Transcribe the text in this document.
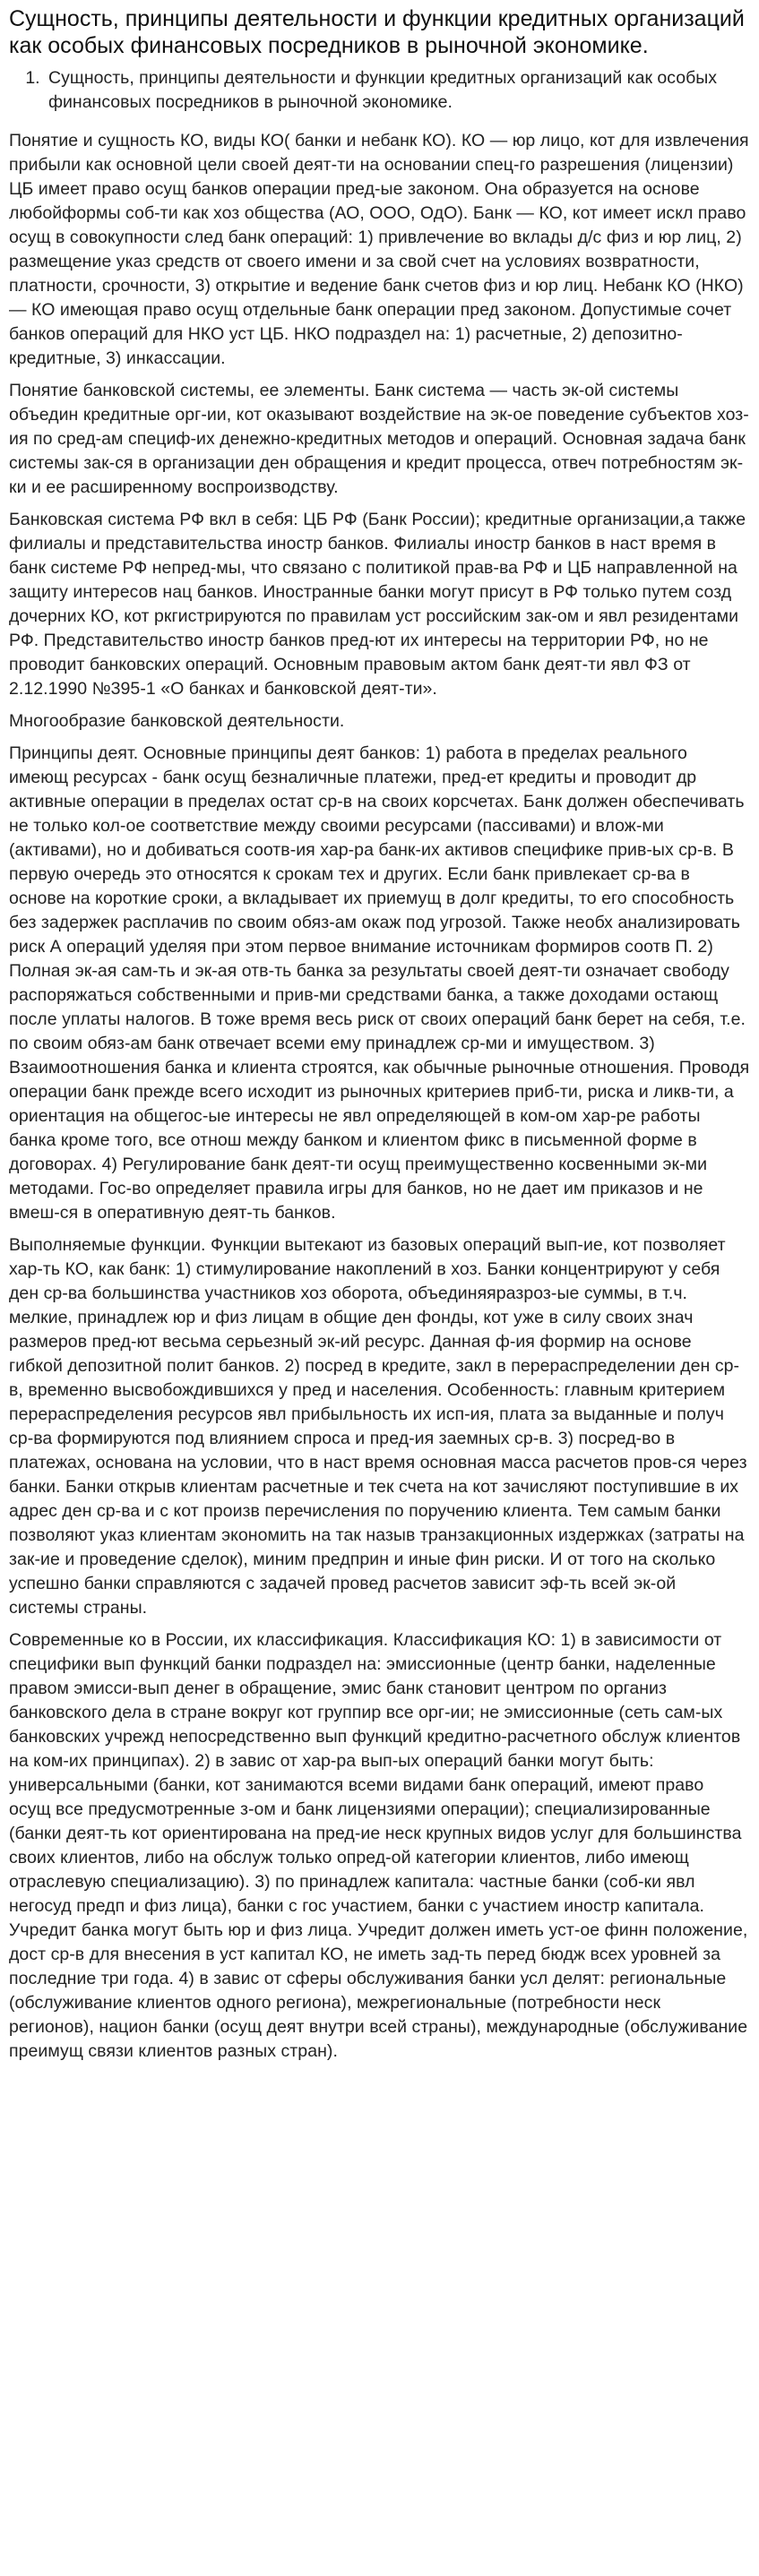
Сущность, принципы деятельности и функции кредитных организаций как особых финансовых посредников в рыночной экономике.
1. Сущность, принципы деятельности и функции кредитных организаций как особых финансовых посредников в рыночной экономике.

Понятие и сущность КО, виды КО( банки и небанк КО). КО — юр лицо, кот для извлечения прибыли как основной цели своей деят-ти на основании спец-го разрешения (лицензии) ЦБ имеет право осущ банков операции пред-ые законом. Она образуется на основе любойформы соб-ти как хоз общества (АО, ООО, ОдО). Банк — КО, кот имеет искл право осущ в совокупности след банк операций: 1) привлечение во вклады д/с физ и юр лиц, 2) размещение указ средств от своего имени и за свой счет на условиях возвратности, платности, срочности, 3) открытие и ведение банк счетов физ и юр лиц. Небанк КО (НКО) — КО имеющая право осущ отдельные банк операции пред законом. Допустимые сочет банков операций для НКО уст ЦБ. НКО подраздел на: 1) расчетные, 2) депозитно-кредитные, 3) инкассации.

Понятие банковской системы, ее элементы. Банк система — часть эк-ой системы объедин кредитные орг-ии, кот оказывают воздействие на эк-ое поведение субъектов хоз-ия по сред-ам специф-их денежно-кредитных методов и операций. Основная задача банк системы зак-ся в организации ден обращения и кредит процесса, отвеч потребностям эк-ки и ее расширенному воспроизводству.

Банковская система РФ вкл в себя: ЦБ РФ (Банк России); кредитные организации,а также филиалы и представительства иностр банков. Филиалы иностр банков в наст время в банк системе РФ непред-мы, что связано с политикой прав-ва РФ и ЦБ направленной на защиту интересов нац банков. Иностранные банки могут присут в РФ только путем созд дочерних КО, кот ркгистрируются по правилам уст российским зак-ом и явл резидентами РФ. Представительство иностр банков пред-ют их интересы на территории РФ, но не проводит банковских операций. Основным правовым актом банк деят-ти явл ФЗ от 2.12.1990 №395-1 «О банках и банковской деят-ти».

Многообразие банковской деятельности.

Принципы деят. Основные принципы деят банков: 1) работа в пределах реального имеющ ресурсах - банк осущ безналичные платежи, пред-ет кредиты и проводит др активные операции в пределах остат ср-в на своих корсчетах. Банк должен обеспечивать не только кол-ое соответствие между своими ресурсами (пассивами) и влож-ми (активами), но и добиваться соотв-ия хар-ра банк-их активов специфике прив-ых ср-в. В первую очередь это относятся к срокам тех и других. Если банк привлекает ср-ва в основе на короткие сроки, а вкладывает их приемущ в долг кредиты, то его способность без задержек расплачив по своим обяз-ам окаж под угрозой. Также необх анализировать риск А операций уделяя при этом первое внимание источникам формиров соотв П. 2) Полная эк-ая сам-ть и эк-ая отв-ть банка за результаты своей деят-ти означает свободу распоряжаться собственными и прив-ми средствами банка, а также доходами остающ после уплаты налогов. В тоже время весь риск от своих операций банк берет на себя, т.е. по своим обяз-ам банк отвечает всеми ему принадлеж ср-ми и имуществом. 3) Взаимоотношения банка и клиента строятся, как обычные рыночные отношения. Проводя операции банк прежде всего исходит из рыночных критериев приб-ти, риска и ликв-ти, а ориентация на общегос-ые интересы не явл определяющей в ком-ом хар-ре работы банка кроме того, все отнош между банком и клиентом фикс в письменной форме в договорах. 4) Регулирование банк деят-ти осущ преимущественно косвенными эк-ми методами. Гос-во определяет правила игры для банков, но не дает им приказов и не вмеш-ся в оперативную деят-ть банков.

Выполняемые функции. Функции вытекают из базовых операций вып-ие, кот позволяет хар-ть КО, как банк: 1) стимулирование накоплений в хоз. Банки концентрируют у себя ден ср-ва большинства участников хоз оборота, объединяяразроз-ые суммы, в т.ч. мелкие, принадлеж юр и физ лицам в общие ден фонды, кот уже в силу своих знач размеров пред-ют весьма серьезный эк-ий ресурс. Данная ф-ия формир на основе гибкой депозитной полит банков. 2) посред в кредите, закл в перераспределении ден ср-в, временно высвобождившихся у пред и населения. Особенность: главным критерием перераспределения ресурсов явл прибыльность их исп-ия, плата за выданные и получ ср-ва формируются под влиянием спроса и пред-ия заемных ср-в. 3) посред-во в платежах, основана на условии, что в наст время основная масса расчетов пров-ся через банки. Банки открыв клиентам расчетные и тек счета на кот зачисляют поступившие в их адрес ден ср-ва и с кот произв перечисления по поручению клиента. Тем самым банки позволяют указ клиентам экономить на так назыв транзакционных издержках (затраты на зак-ие и проведение сделок), миним предприн и иные фин риски. И от того на сколько успешно банки справляются с задачей провед расчетов зависит эф-ть всей эк-ой системы страны.

Современные ко в России, их классификация. Классификация КО: 1) в зависимости от специфики вып функций банки подраздел на: эмиссионные (центр банки, наделенные правом эмисси-вып денег в обращение, эмис банк становит центром по организ банковского дела в стране вокруг кот группир все орг-ии; не эмиссионные (сеть сам-ых банковских учрежд непосредственно вып функций кредитно-расчетного обслуж клиентов на ком-их принципах). 2) в завис от хар-ра вып-ых операций банки могут быть: универсальными (банки, кот занимаются всеми видами банк операций, имеют право осущ все предусмотренные з-ом и банк лицензиями операции); специализированные (банки деят-ть кот ориентирована на пред-ие неск крупных видов услуг для большинства своих клиентов, либо на обслуж только опред-ой категории клиентов, либо имеющ отраслевую специализацию). 3) по принадлеж капитала: частные банки (соб-ки явл негосуд предп и физ лица), банки с гос участием, банки с участием иностр капитала. Учредит банка могут быть юр и физ лица. Учредит должен иметь уст-ое финн положение, дост ср-в для внесения в уст капитал КО, не иметь зад-ть перед бюдж всех уровней за последние три года. 4) в завис от сферы обслуживания банки усл делят: региональные (обслуживание клиентов одного региона), межрегиональные (потребности неск регионов), национ банки (осущ деят внутри всей страны), международные (обслуживание преимущ связи клиентов разных стран).
